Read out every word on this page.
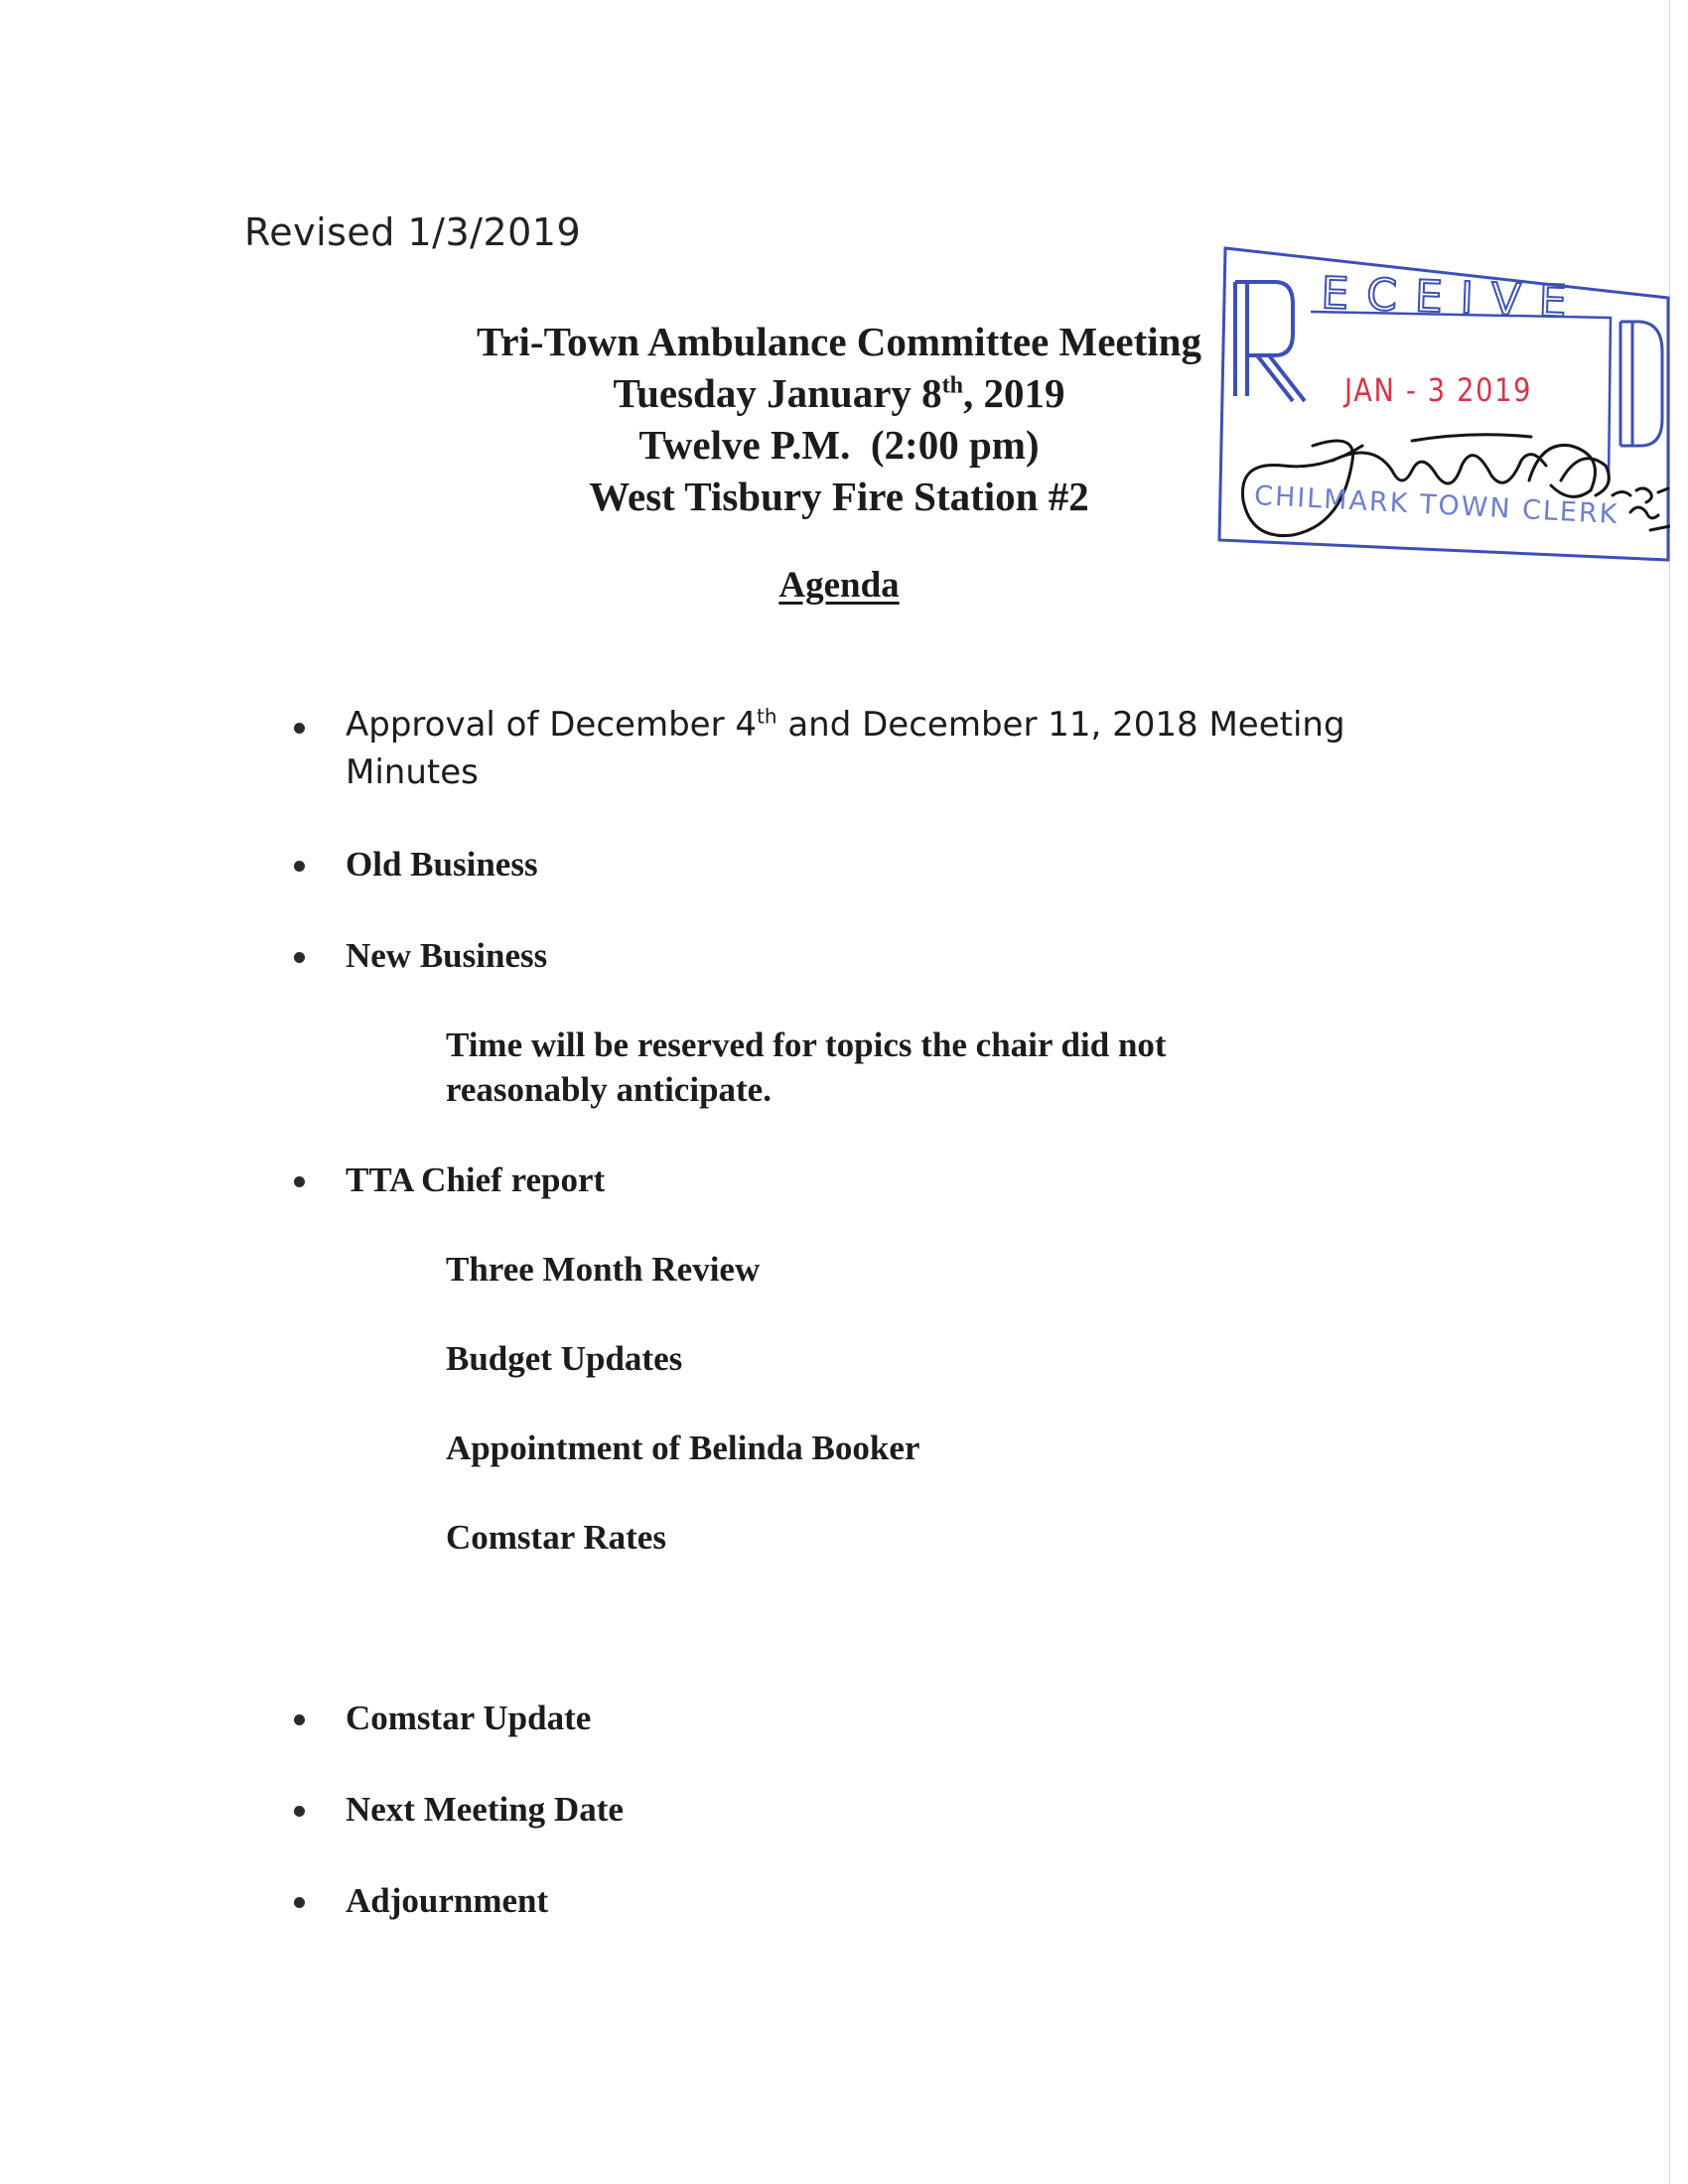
Revised 1/3/2019
Tri-Town Ambulance Committee Meeting
Tuesday January 8th, 2019
Twelve P.M.  (2:00 pm)
West Tisbury Fire Station #2
Agenda
Approval of December 4th and December 11, 2018 Meeting
Minutes
Old Business
New Business
Time will be reserved for topics the chair did not
reasonably anticipate.
TTA Chief report
Three Month Review
Budget Updates
Appointment of Belinda Booker
Comstar Rates
Comstar Update
Next Meeting Date
Adjournment
ECEIVE
JAN - 3 2019
CHILMARK TOWN CLERK
